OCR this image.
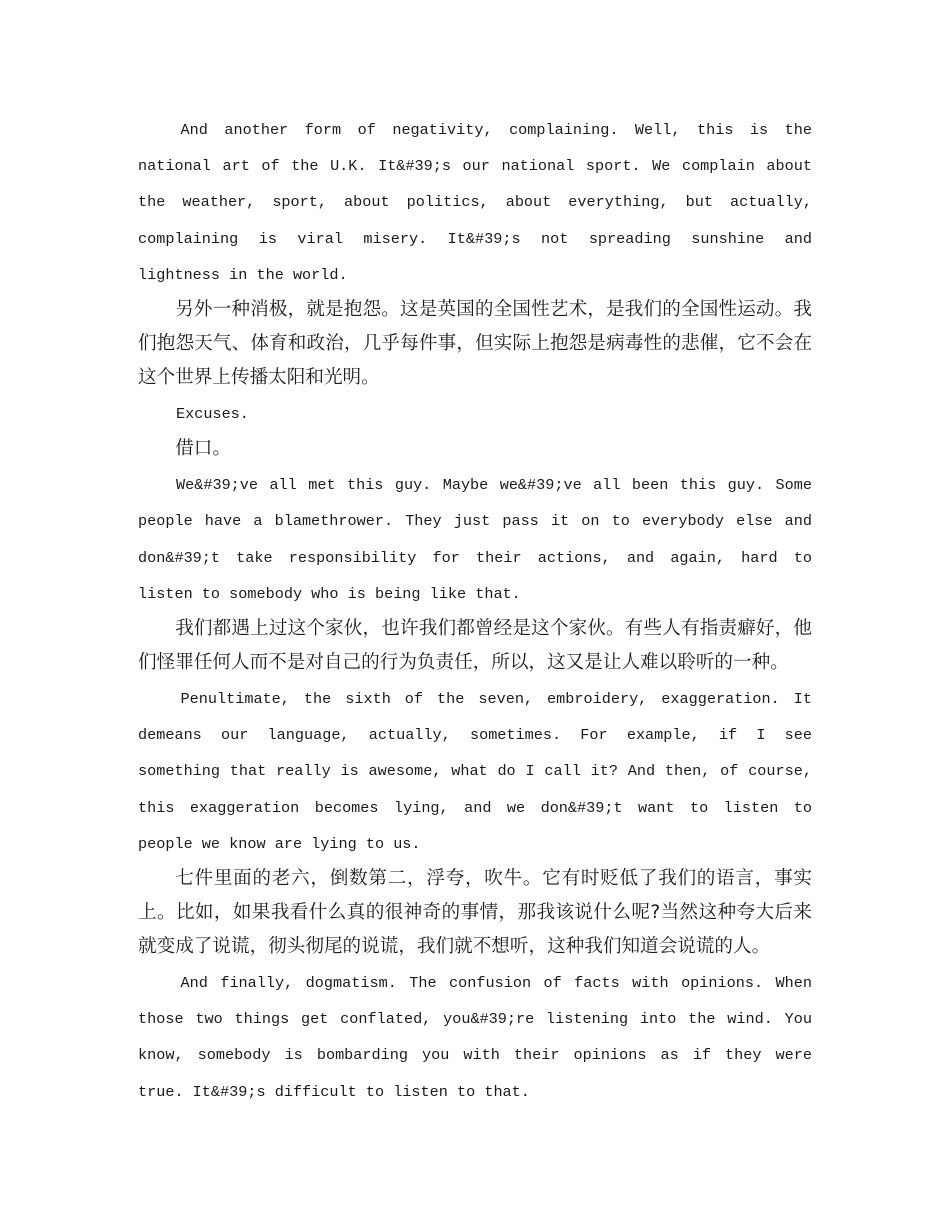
And another form of negativity, complaining. Well, this is the national art of the U.K. It&#39;s our national sport. We complain about the weather, sport, about politics, about everything, but actually, complaining is viral misery. It&#39;s not spreading sunshine and lightness in the world.

另外一种消极，就是抱怨。这是英国的全国性艺术，是我们的全国性运动。我们抱怨天气、体育和政治，几乎每件事，但实际上抱怨是病毒性的悲催，它不会在这个世界上传播太阳和光明。

Excuses.

借口。

We&#39;ve all met this guy. Maybe we&#39;ve all been this guy. Some people have a blamethrower. They just pass it on to everybody else and don&#39;t take responsibility for their actions, and again, hard to listen to somebody who is being like that.

我们都遇上过这个家伙，也许我们都曾经是这个家伙。有些人有指责癖好，他们怪罪任何人而不是对自己的行为负责任，所以，这又是让人难以聆听的一种。

Penultimate, the sixth of the seven, embroidery, exaggeration. It demeans our language, actually, sometimes. For example, if I see something that really is awesome, what do I call it? And then, of course, this exaggeration becomes lying, and we don&#39;t want to listen to people we know are lying to us.

七件里面的老六，倒数第二，浮夸，吹牛。它有时贬低了我们的语言，事实上。比如，如果我看什么真的很神奇的事情，那我该说什么呢?当然这种夸大后来就变成了说谎，彻头彻尾的说谎，我们就不想听，这种我们知道会说谎的人。

And finally, dogmatism. The confusion of facts with opinions. When those two things get conflated, you&#39;re listening into the wind. You know, somebody is bombarding you with their opinions as if they were true. It&#39;s difficult to listen to that.
